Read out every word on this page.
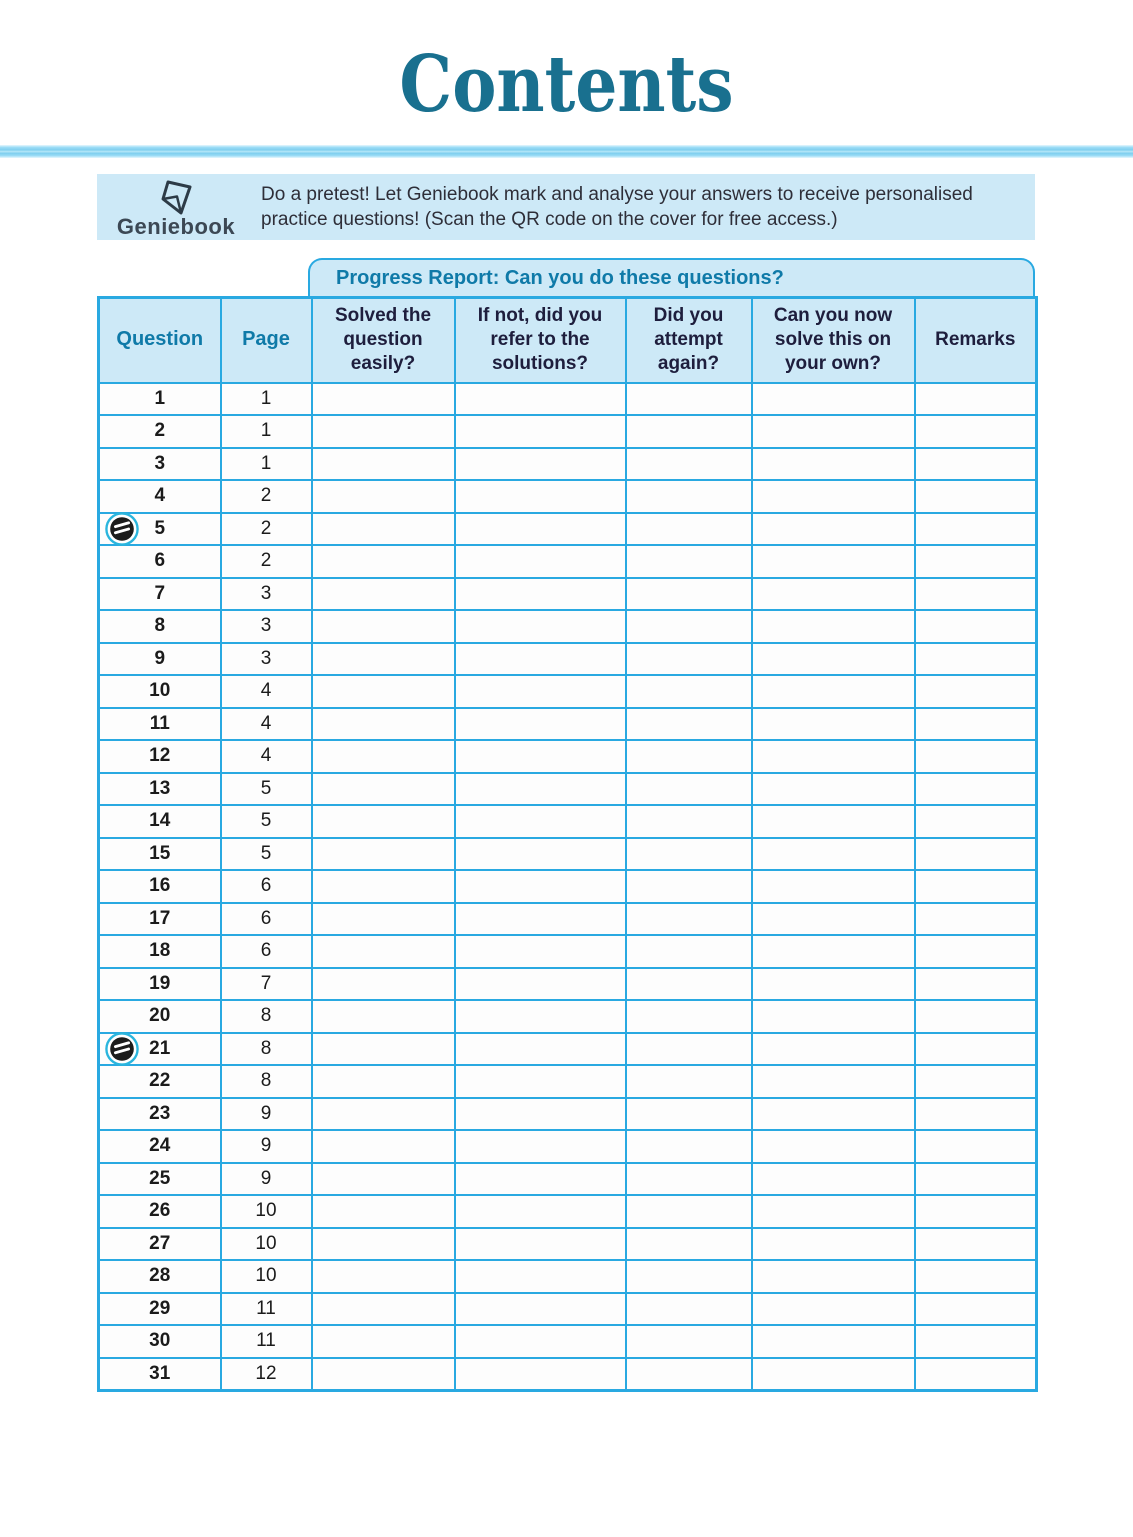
Contents
Geniebook
Do a pretest! Let Geniebook mark and analyse your answers to receive personalised
practice questions! (Scan the QR code on the cover for free access.)
Progress Report: Can you do these questions?
Question	Page	Solved the question easily?	If not, did you refer to the solutions?	Did you attempt again?	Can you now solve this on your own?	Remarks
1	1					
2	1					
3	1					
4	2					

5	2					
6	2					
7	3					
8	3					
9	3					
10	4					
11	4					
12	4					
13	5					
14	5					
15	5					
16	6					
17	6					
18	6					
19	7					
20	8					

21	8					
22	8					
23	9					
24	9					
25	9					
26	10					
27	10					
28	10					
29	11					
30	11					
31	12					
